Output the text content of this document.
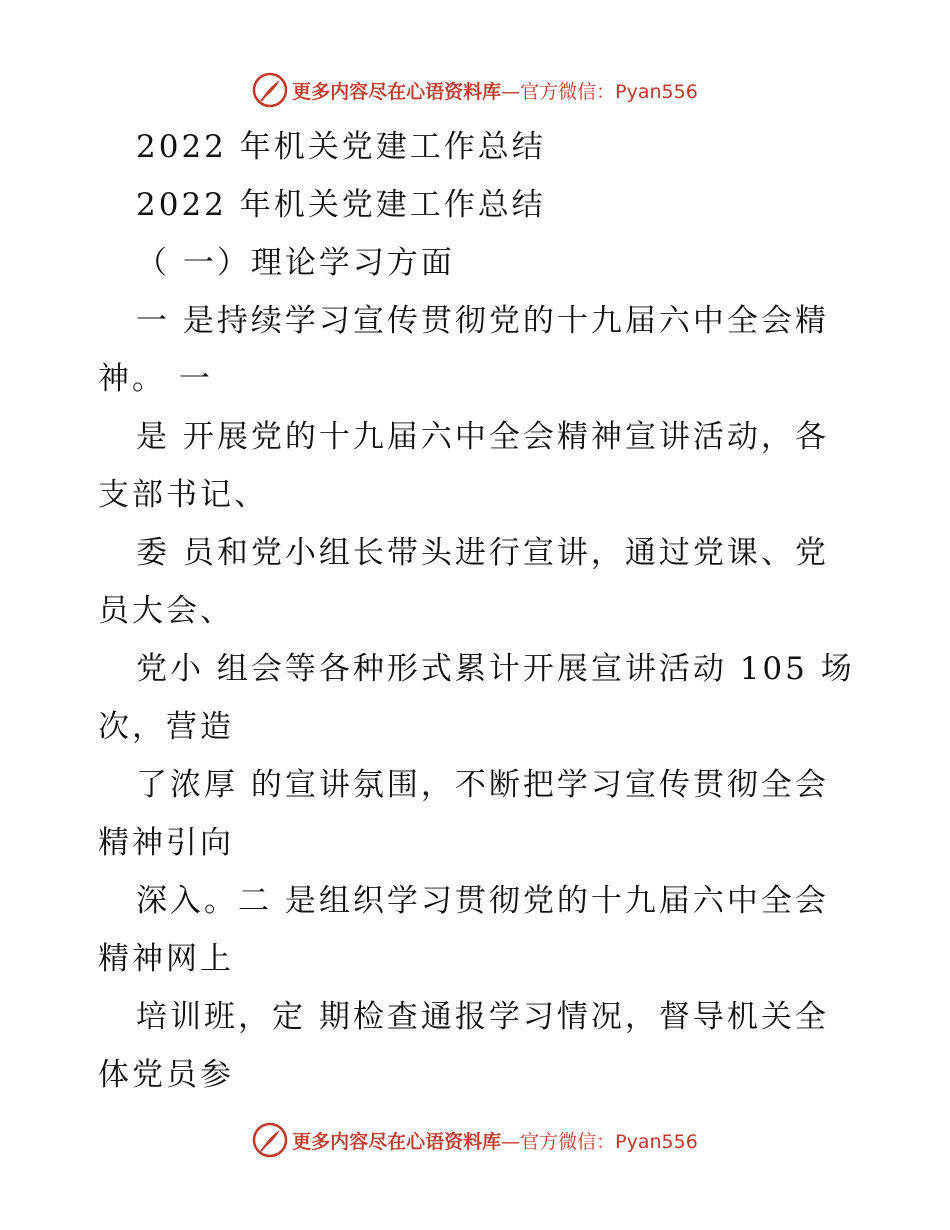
更多内容尽在心语资料库—官方微信：Pyan556
2022 年机关党建工作总结
2022 年机关党建工作总结
（ 一）理论学习方面
一 是持续学习宣传贯彻党的十九届六中全会精
神。 一
是 开展党的十九届六中全会精神宣讲活动，各
支部书记、
委 员和党小组长带头进行宣讲，通过党课、党
员大会、
党小 组会等各种形式累计开展宣讲活动 105 场
次，营造
了浓厚 的宣讲氛围，不断把学习宣传贯彻全会
精神引向
深入。二 是组织学习贯彻党的十九届六中全会
精神网上
培训班，定 期检查通报学习情况，督导机关全
体党员参
更多内容尽在心语资料库—官方微信：Pyan556
